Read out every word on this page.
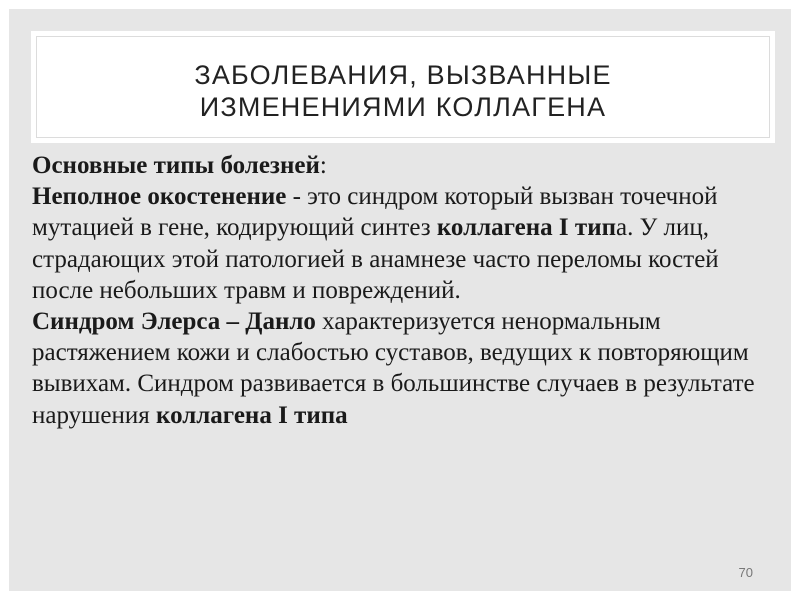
ЗАБОЛЕВАНИЯ, ВЫЗВАННЫЕ
ИЗМЕНЕНИЯМИ КОЛЛАГЕНА

Основные типы болезней:

Неполное окостенение - это синдром который вызван точечной мутацией в гене, кодирующий синтез коллагена I типа. У лиц, страдающих этой патологией в анамнезе часто переломы костей после небольших травм и повреждений.

Синдром Элерса – Данло характеризуется ненормальным растяжением кожи и слабостью суставов, ведущих к повторяющим вывихам. Синдром развивается в большинстве случаев в результате нарушения коллагена I типа

70
